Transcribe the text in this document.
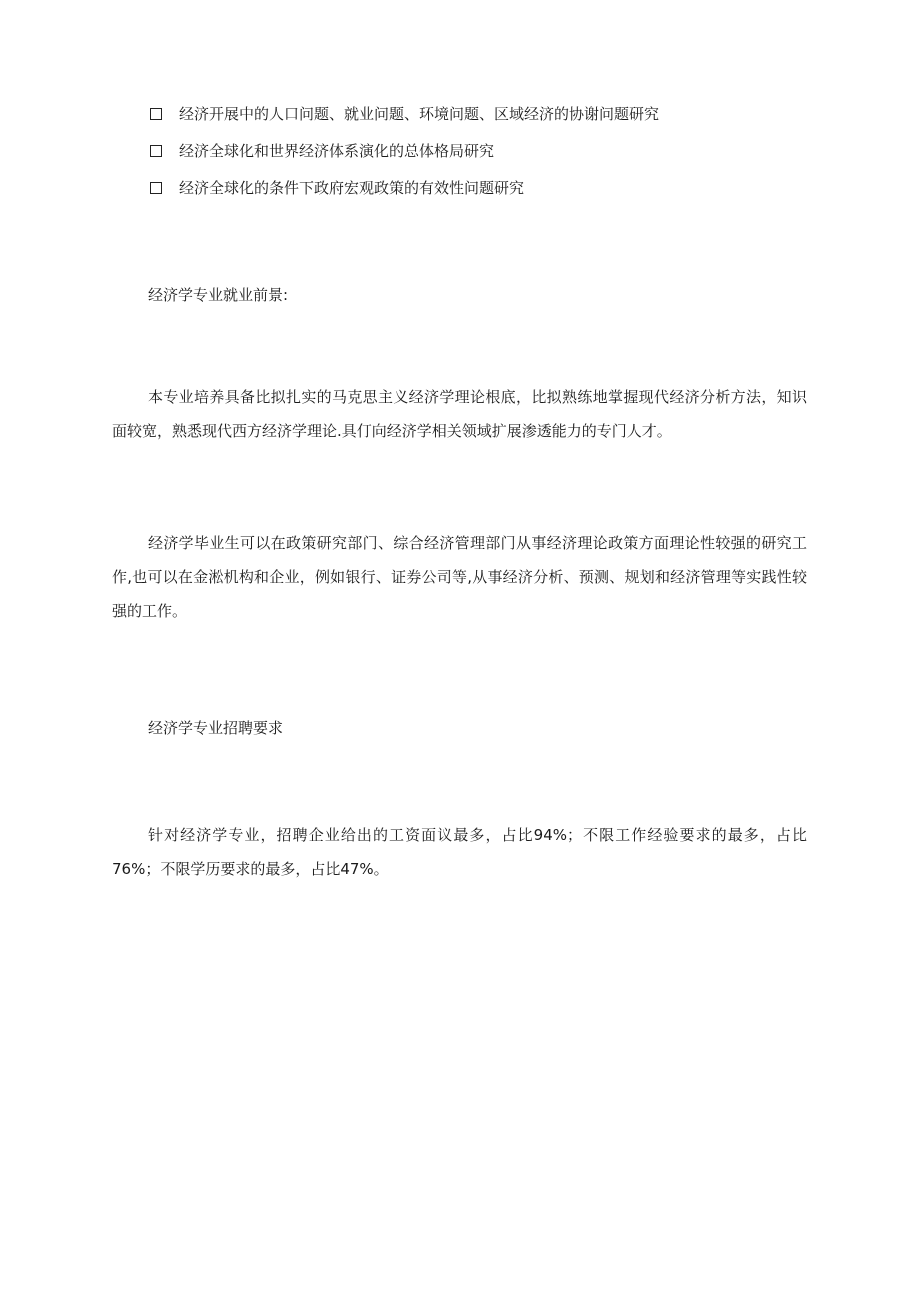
经济开展中的人口问题、就业问题、环境问题、区域经济的协谢问题研究
经济全球化和世界经济体系演化的总体格局研究
经济全球化的条件下政府宏观政策的有效性问题研究
经济学专业就业前景:

本专业培养具备比拟扎实的马克思主义经济学理论根底，比拟熟练地掌握现代经济分析方法，知识面较宽，熟悉现代西方经济学理论.具仃向经济学相关领域扩展渗透能力的专门人才。

经济学毕业生可以在政策研究部门、综合经济管理部门从事经济理论政策方面理论性较强的研究工作,也可以在金淞机构和企业，例如银行、证券公司等,从事经济分析、预测、规划和经济管理等实践性较强的工作。

经济学专业招聘要求

针对经济学专业，招聘企业给出的工资面议最多，占比94%；不限工作经验要求的最多，占比76%；不限学历要求的最多，占比47%。
